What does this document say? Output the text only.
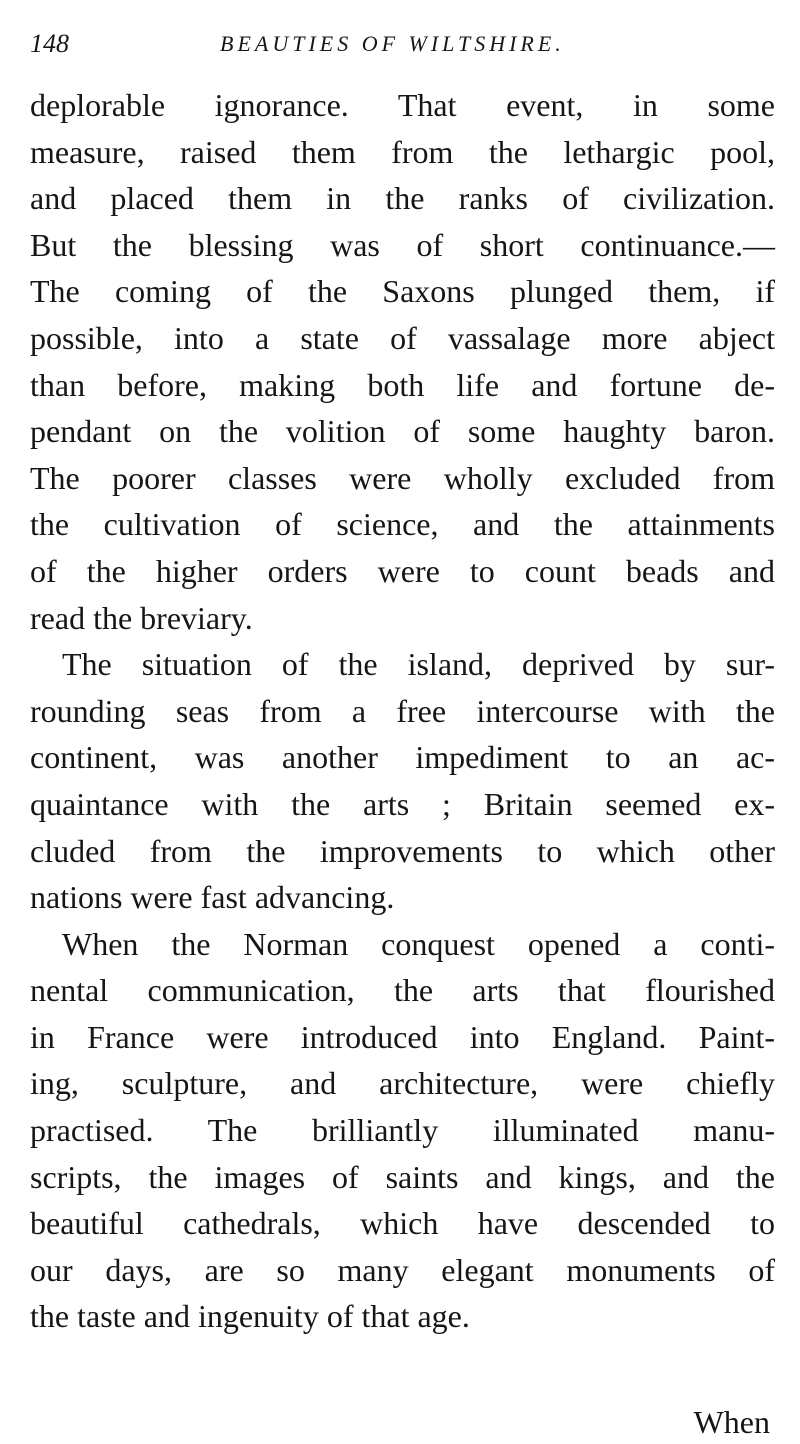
148	BEAUTIES OF WILTSHIRE.
deplorable ignorance. That event, in some
measure, raised them from the lethargic pool,
and placed them in the ranks of civilization.
But the blessing was of short continuance.—
The coming of the Saxons plunged them, if
possible, into a state of vassalage more abject
than before, making both life and fortune de-
pendant on the volition of some haughty baron.
The poorer classes were wholly excluded from
the cultivation of science, and the attainments
of the higher orders were to count beads and
read the breviary.
The situation of the island, deprived by sur-
rounding seas from a free intercourse with the
continent, was another impediment to an ac-
quaintance with the arts ; Britain seemed ex-
cluded from the improvements to which other
nations were fast advancing.
When the Norman conquest opened a conti-
nental communication, the arts that flourished
in France were introduced into England. Paint-
ing, sculpture, and architecture, were chiefly
practised. The brilliantly illuminated manu-
scripts, the images of saints and kings, and the
beautiful cathedrals, which have descended to
our days, are so many elegant monuments of
the taste and ingenuity of that age.
When
